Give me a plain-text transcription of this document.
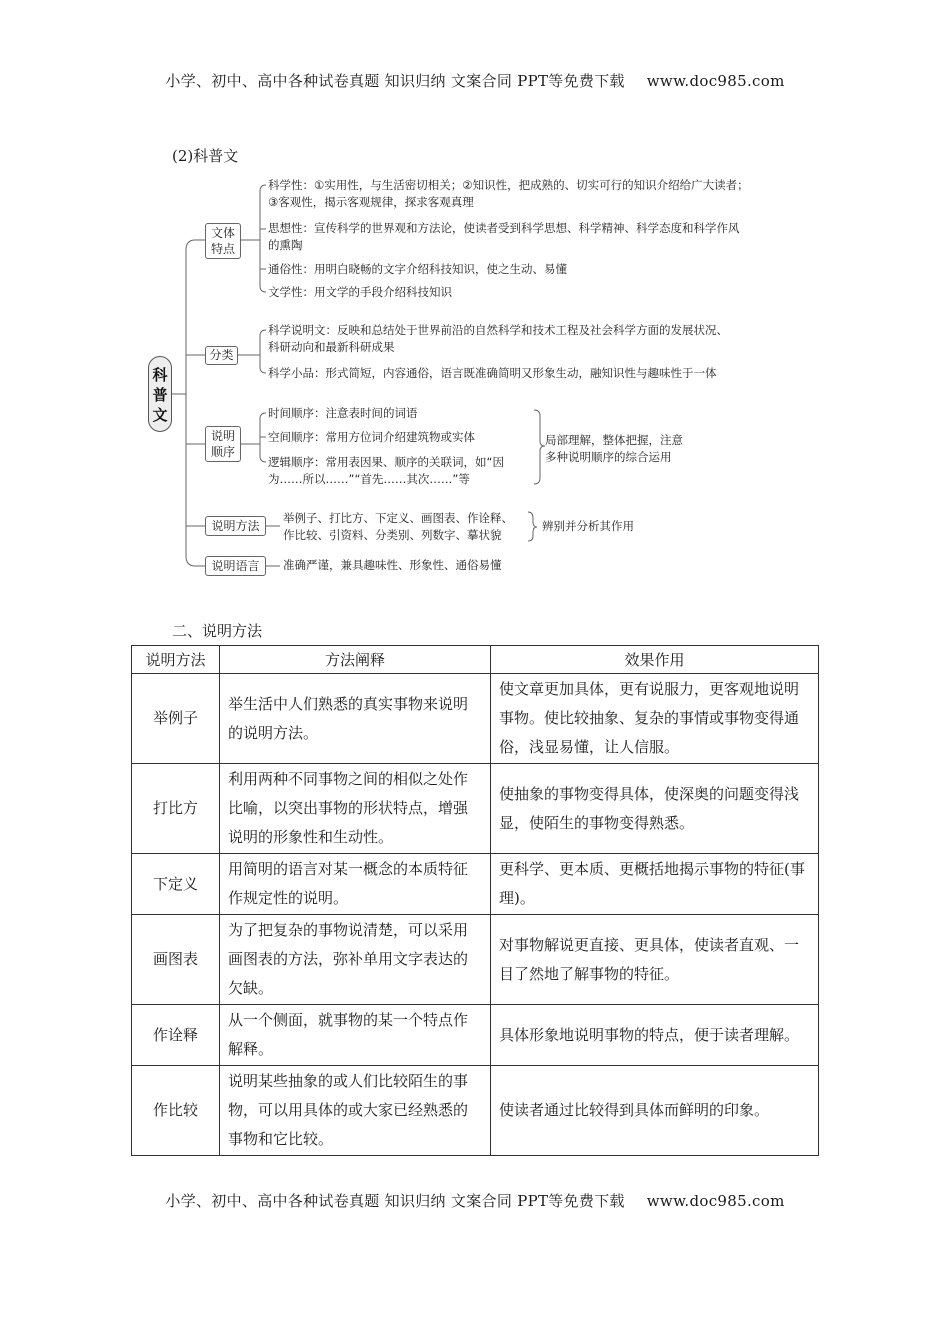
小学、初中、高中各种试卷真题 知识归纳 文案合同 PPT等免费下载 www.doc985.com
(2)科普文
科普文
文体特点
科学性：①实用性，与生活密切相关；②知识性，把成熟的、切实可行的知识介绍给广大读者；
③客观性，揭示客观规律，探求客观真理
思想性：宣传科学的世界观和方法论，使读者受到科学思想、科学精神、科学态度和科学作风
的熏陶
通俗性：用明白晓畅的文字介绍科技知识，使之生动、易懂
文学性：用文学的手段介绍科技知识
分类
科学说明文：反映和总结处于世界前沿的自然科学和技术工程及社会科学方面的发展状况、
科研动向和最新科研成果
科学小品：形式简短，内容通俗，语言既准确简明又形象生动，融知识性与趣味性于一体
说明顺序
时间顺序：注意表时间的词语
空间顺序：常用方位词介绍建筑物或实体
逻辑顺序：常用表因果、顺序的关联词，如“因
为……所以……”“首先……其次……”等
局部理解，整体把握，注意
多种说明顺序的综合运用
说明方法
举例子、打比方、下定义、画图表、作诠释、
作比较、引资料、分类别、列数字、摹状貌
辨别并分析其作用
说明语言	准确严谨，兼具趣味性、形象性、通俗易懂
二、说明方法
说明方法	方法阐释	效果作用
举例子	举生活中人们熟悉的真实事物来说明的说明方法。	使文章更加具体，更有说服力，更客观地说明事物。使比较抽象、复杂的事情或事物变得通俗，浅显易懂，让人信服。
打比方	利用两种不同事物之间的相似之处作比喻，以突出事物的形状特点，增强说明的形象性和生动性。	使抽象的事物变得具体，使深奥的问题变得浅显，使陌生的事物变得熟悉。
下定义	用简明的语言对某一概念的本质特征作规定性的说明。	更科学、更本质、更概括地揭示事物的特征(事理)。
画图表	为了把复杂的事物说清楚，可以采用画图表的方法，弥补单用文字表达的欠缺。	对事物解说更直接、更具体，使读者直观、一目了然地了解事物的特征。
作诠释	从一个侧面，就事物的某一个特点作解释。	具体形象地说明事物的特点，便于读者理解。
作比较	说明某些抽象的或人们比较陌生的事物，可以用具体的或大家已经熟悉的事物和它比较。	使读者通过比较得到具体而鲜明的印象。
小学、初中、高中各种试卷真题 知识归纳 文案合同 PPT等免费下载 www.doc985.com
